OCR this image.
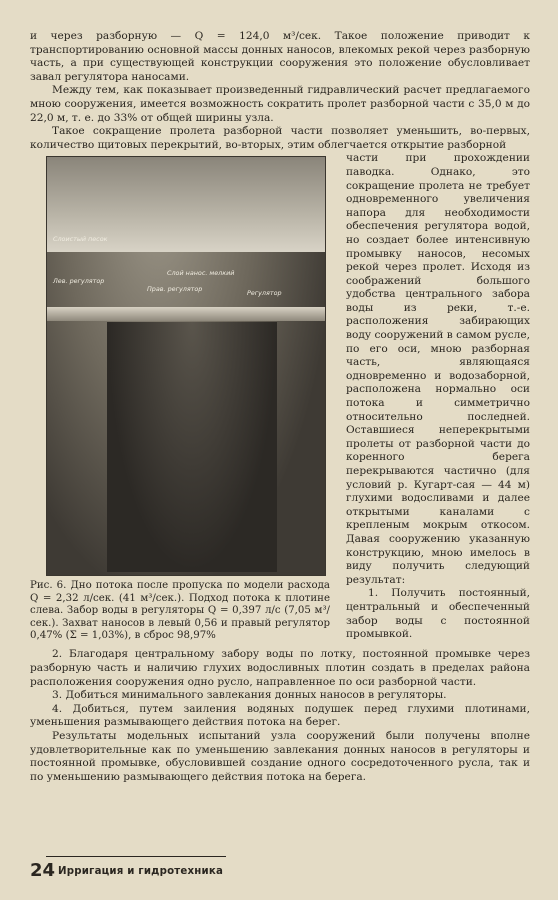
и через разборную — Q = 124,0 м³/сек. Такое положение приводит к транспортированию основной массы донных наносов, влекомых рекой через разборную часть, а при существующей конструкции сооружения это положение обусловливает завал регулятора наносами.

Между тем, как показывает произведенный гидравлический расчет предлагаемого мною сооружения, имеется возможность сократить пролет разборной части с 35,0 м до 22,0 м, т. е. до 33% от общей ширины узла.

Такое сокращение пролета разборной части позволяет уменьшить, во-первых, количество щитовых перекрытий, во-вторых, этим облегчается открытие разборной

Слоистый песок
Лев. регулятор
Слой нанос. мелкий
Регулятор
Прав. регулятор

Рис. 6. Дно потока после пропуска по модели расхода Q = 2,32 л/сек. (41 м³/сек.). Подход потока к плотине слева. Забор воды в регуляторы Q = 0,397 л/с (7,05 м³/сек.). Захват наносов в левый 0,56 и правый регулятор 0,47% (Σ = 1,03%), в сброс 98,97%

части при прохождении паводка. Однако, это сокращение пролета не требует одновременного увеличения напора для необходимости обеспечения регулятора водой, но создает более интенсивную промывку наносов, несомых рекой через пролет. Исходя из соображений большого удобства центрального забора воды из реки, т.-е. расположения забирающих воду сооружений в самом русле, по его оси, мною разборная часть, являющаяся одновременно и водозаборной, расположена нормально оси потока и симметрично относительно последней. Оставшиеся неперекрытыми пролеты от разборной части до коренного берега перекрываются частично (для условий р. Кугарт-сая — 44 м) глухими водосливами и далее открытыми каналами с крепленым мокрым откосом. Давая сооружению указанную конструкцию, мною имелось в виду получить следующий результат:

1. Получить постоянный, центральный и обеспеченный забор воды с постоянной промывкой.

2. Благодаря центральному забору воды по лотку, постоянной промывке через разборную часть и наличию глухих водосливных плотин создать в пределах района расположения сооружения одно русло, направленное по оси разборной части.

3. Добиться минимального завлекания донных наносов в регуляторы.

4. Добиться, путем заиления водяных подушек перед глухими плотинами, уменьшения размывающего действия потока на берег.

Результаты модельных испытаний узла сооружений были получены вполне удовлетворительные как по уменьшению завлекания донных наносов в регуляторы и постоянной промывке, обусловившей создание одного сосредоточенного русла, так и по уменьшению размывающего действия потока на берега.

24 Ирригация и гидротехника
